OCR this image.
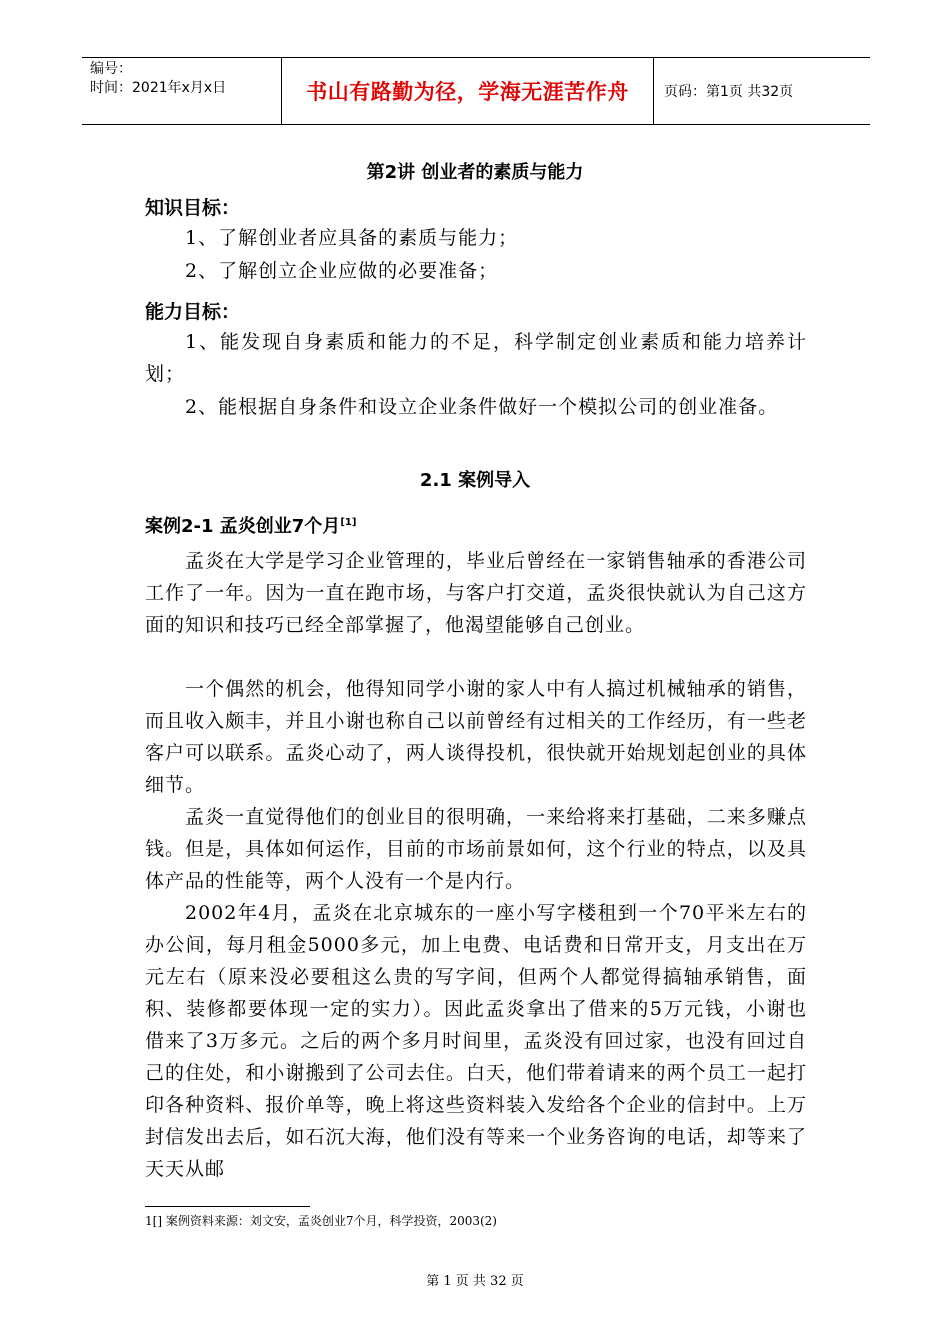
编号：
时间：2021年x月x日	书山有路勤为径，学海无涯苦作舟	页码：第1页 共32页
第2讲 创业者的素质与能力
知识目标：
1、了解创业者应具备的素质与能力；
2、了解创立企业应做的必要准备；
能力目标：
1、能发现自身素质和能力的不足，科学制定创业素质和能力培养计划；
2、能根据自身条件和设立企业条件做好一个模拟公司的创业准备。
2.1 案例导入
案例2-1 孟炎创业7个月[1]
孟炎在大学是学习企业管理的，毕业后曾经在一家销售轴承的香港公司工作了一年。因为一直在跑市场，与客户打交道，孟炎很快就认为自己这方面的知识和技巧已经全部掌握了，他渴望能够自己创业。
一个偶然的机会，他得知同学小谢的家人中有人搞过机械轴承的销售，而且收入颇丰，并且小谢也称自己以前曾经有过相关的工作经历，有一些老客户可以联系。孟炎心动了，两人谈得投机，很快就开始规划起创业的具体细节。
孟炎一直觉得他们的创业目的很明确，一来给将来打基础，二来多赚点钱。但是，具体如何运作，目前的市场前景如何，这个行业的特点，以及具体产品的性能等，两个人没有一个是内行。
2002年4月，孟炎在北京城东的一座小写字楼租到一个70平米左右的办公间，每月租金5000多元，加上电费、电话费和日常开支，月支出在万元左右（原来没必要租这么贵的写字间，但两个人都觉得搞轴承销售，面积、装修都要体现一定的实力）。因此孟炎拿出了借来的5万元钱，小谢也借来了3万多元。之后的两个多月时间里，孟炎没有回过家，也没有回过自己的住处，和小谢搬到了公司去住。白天，他们带着请来的两个员工一起打印各种资料、报价单等，晚上将这些资料装入发给各个企业的信封中。上万封信发出去后，如石沉大海，他们没有等来一个业务咨询的电话，却等来了天天从邮
1[] 案例资料来源：刘文安，孟炎创业7个月，科学投资，2003(2)
第 1 页 共 32 页
